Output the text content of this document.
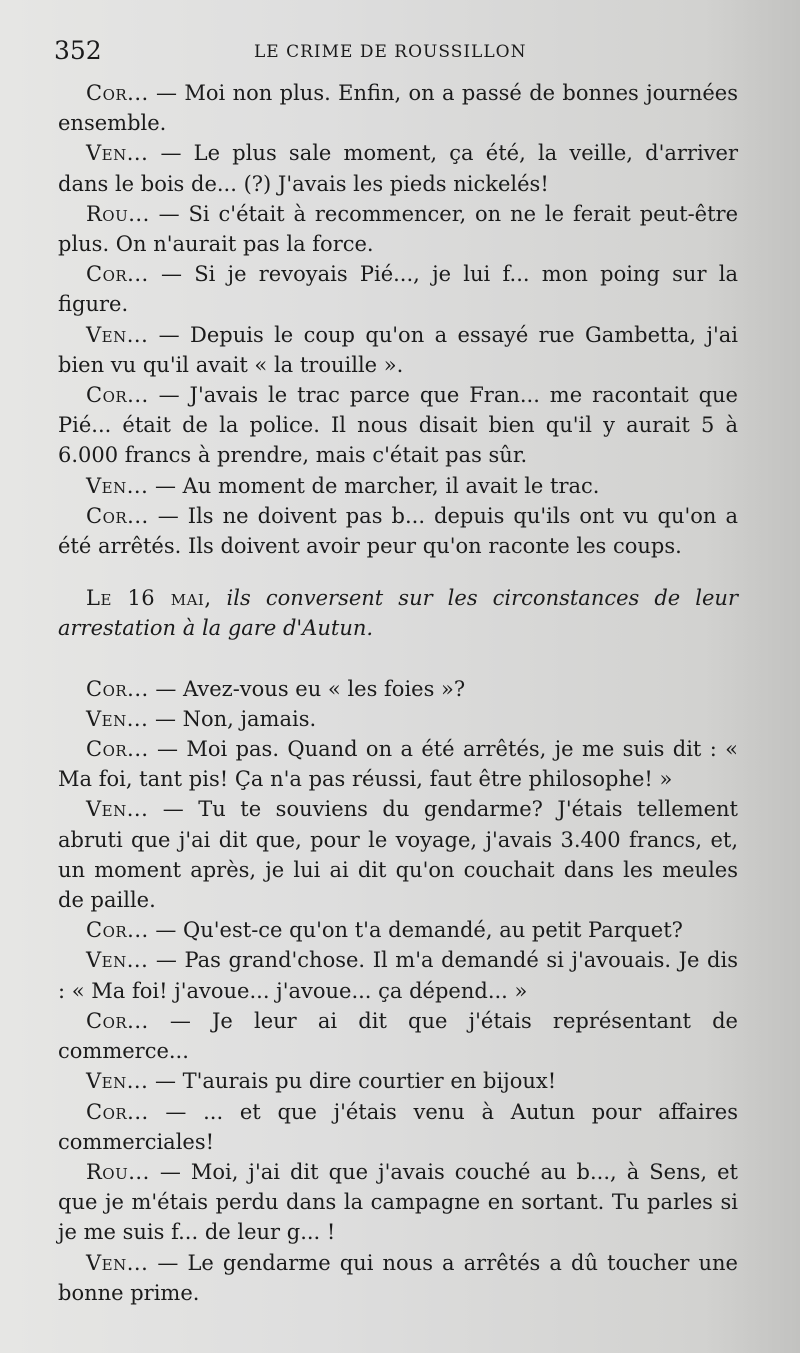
352	LE CRIME DE ROUSSILLON

Cor... — Moi non plus. Enfin, on a passé de bonnes journées ensemble.

Ven... — Le plus sale moment, ça été, la veille, d'arriver dans le bois de... (?) J'avais les pieds nickelés!

Rou... — Si c'était à recommencer, on ne le ferait peut-être plus. On n'aurait pas la force.

Cor... — Si je revoyais Pié..., je lui f... mon poing sur la figure.

Ven... — Depuis le coup qu'on a essayé rue Gambetta, j'ai bien vu qu'il avait « la trouille ».

Cor... — J'avais le trac parce que Fran... me racontait que Pié... était de la police. Il nous disait bien qu'il y aurait 5 à 6.000 francs à prendre, mais c'était pas sûr.

Ven... — Au moment de marcher, il avait le trac.

Cor... — Ils ne doivent pas b... depuis qu'ils ont vu qu'on a été arrêtés. Ils doivent avoir peur qu'on raconte les coups.

Le 16 mai, ils conversent sur les circonstances de leur arrestation à la gare d'Autun.

Cor... — Avez-vous eu « les foies »?

Ven... — Non, jamais.

Cor... — Moi pas. Quand on a été arrêtés, je me suis dit : « Ma foi, tant pis! Ça n'a pas réussi, faut être philosophe! »

Ven... — Tu te souviens du gendarme? J'étais tellement abruti que j'ai dit que, pour le voyage, j'avais 3.400 francs, et, un moment après, je lui ai dit qu'on couchait dans les meules de paille.

Cor... — Qu'est-ce qu'on t'a demandé, au petit Parquet?

Ven... — Pas grand'chose. Il m'a demandé si j'avouais. Je dis : « Ma foi! j'avoue... j'avoue... ça dépend... »

Cor... — Je leur ai dit que j'étais représentant de commerce...

Ven... — T'aurais pu dire courtier en bijoux!

Cor... — ... et que j'étais venu à Autun pour affaires commerciales!

Rou... — Moi, j'ai dit que j'avais couché au b..., à Sens, et que je m'étais perdu dans la campagne en sortant. Tu parles si je me suis f... de leur g... !

Ven... — Le gendarme qui nous a arrêtés a dû toucher une bonne prime.
